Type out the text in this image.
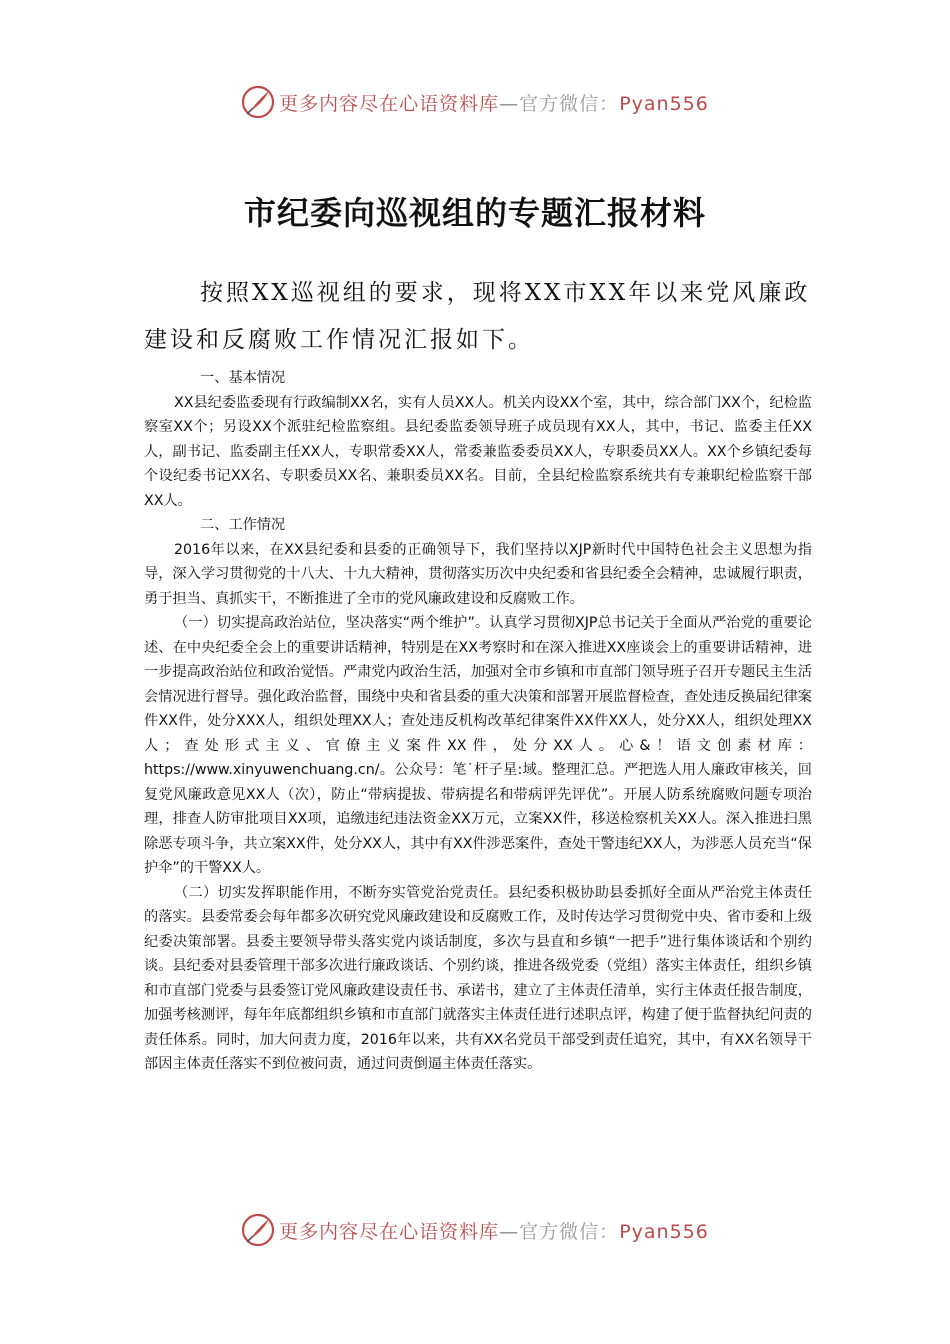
更多内容尽在心语资料库—官方微信：Pyan556
市纪委向巡视组的专题汇报材料

按照XX巡视组的要求，现将XX市XX年以来党风廉政建设和反腐败工作情况汇报如下。

一、基本情况

XX县纪委监委现有行政编制XX名，实有人员XX人。机关内设XX个室，其中，综合部门XX个，纪检监察室XX个；另设XX个派驻纪检监察组。县纪委监委领导班子成员现有XX人，其中，书记、监委主任XX人，副书记、监委副主任XX人，专职常委XX人，常委兼监委委员XX人，专职委员XX人。XX个乡镇纪委每个设纪委书记XX名、专职委员XX名、兼职委员XX名。目前，全县纪检监察系统共有专兼职纪检监察干部XX人。

二、工作情况

2016年以来，在XX县纪委和县委的正确领导下，我们坚持以XJP新时代中国特色社会主义思想为指导，深入学习贯彻党的十八大、十九大精神，贯彻落实历次中央纪委和省县纪委全会精神，忠诚履行职责，勇于担当、真抓实干，不断推进了全市的党风廉政建设和反腐败工作。

（一）切实提高政治站位，坚决落实“两个维护”。认真学习贯彻XJP总书记关于全面从严治党的重要论述、在中央纪委全会上的重要讲话精神，特别是在XX考察时和在深入推进XX座谈会上的重要讲话精神，进一步提高政治站位和政治觉悟。严肃党内政治生活，加强对全市乡镇和市直部门领导班子召开专题民主生活会情况进行督导。强化政治监督，围绕中央和省县委的重大决策和部署开展监督检查，查处违反换届纪律案件XX件，处分XXX人，组织处理XX人；查处违反机构改革纪律案件XX件XX人，处分XX人，组织处理XX人；查处形式主义、官僚主义案件XX件，处分XX人。心&！语文创素材库：https://www.xinyuwenchuang.cn/。公众号：笔˙杆子星:域。整理汇总。严把选人用人廉政审核关，回复党风廉政意见XX人（次），防止“带病提拔、带病提名和带病评先评优”。开展人防系统腐败问题专项治理，排查人防审批项目XX项，追缴违纪违法资金XX万元，立案XX件，移送检察机关XX人。深入推进扫黑除恶专项斗争，共立案XX件，处分XX人，其中有XX件涉恶案件，查处干警违纪XX人，为涉恶人员充当“保护伞”的干警XX人。

（二）切实发挥职能作用，不断夯实管党治党责任。县纪委积极协助县委抓好全面从严治党主体责任的落实。县委常委会每年都多次研究党风廉政建设和反腐败工作，及时传达学习贯彻党中央、省市委和上级纪委决策部署。县委主要领导带头落实党内谈话制度，多次与县直和乡镇“一把手”进行集体谈话和个别约谈。县纪委对县委管理干部多次进行廉政谈话、个别约谈，推进各级党委（党组）落实主体责任，组织乡镇和市直部门党委与县委签订党风廉政建设责任书、承诺书，建立了主体责任清单，实行主体责任报告制度，加强考核测评，每年年底都组织乡镇和市直部门就落实主体责任进行述职点评，构建了便于监督执纪问责的责任体系。同时，加大问责力度，2016年以来，共有XX名党员干部受到责任追究，其中，有XX名领导干部因主体责任落实不到位被问责，通过问责倒逼主体责任落实。

更多内容尽在心语资料库—官方微信：Pyan556
